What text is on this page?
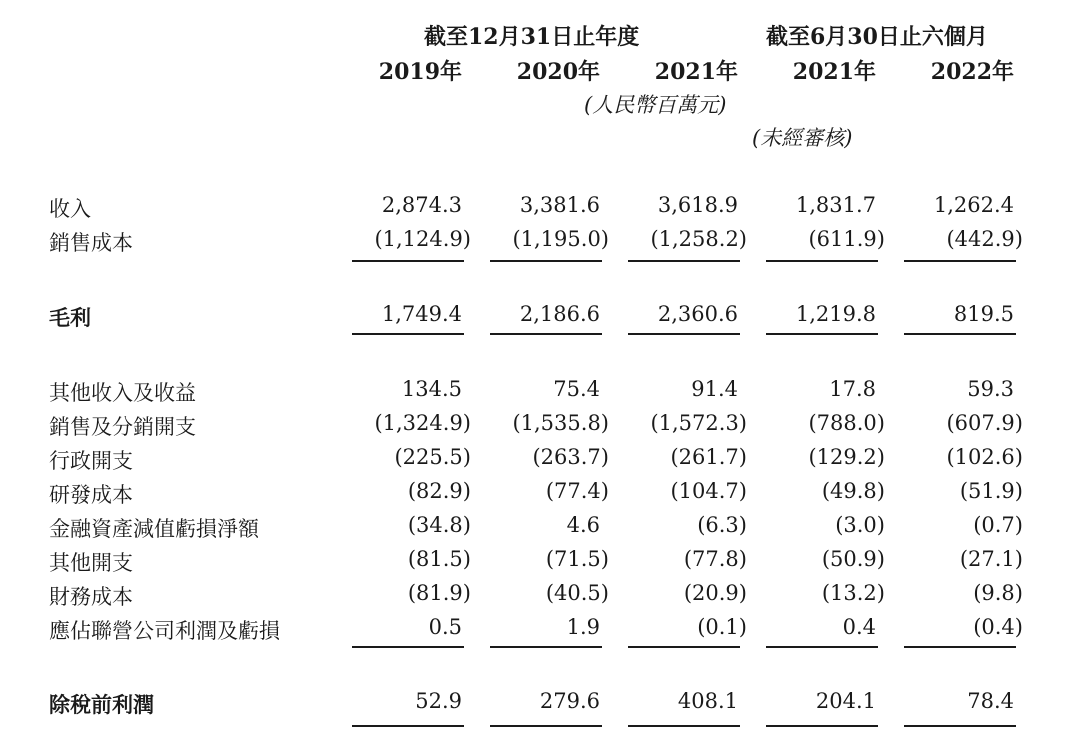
截至12月31日止年度	截至6月30日止六個月
2019年 2020年 2021年 2021年 2022年
(人民幣百萬元)
(未經審核)
收入	2,874.3	3,381.6	3,618.9	1,831.7	1,262.4
銷售成本	(1,124.9) (1,195.0) (1,258.2)	(611.9)	(442.9)
毛利	1,749.4	2,186.6	2,360.6	1,219.8	819.5
其他收入及收益	134.5	75.4	91.4	17.8	59.3
銷售及分銷開支	(1,324.9) (1,535.8) (1,572.3)	(788.0)	(607.9)
行政開支	(225.5)	(263.7)	(261.7)	(129.2)	(102.6)
研發成本	(82.9)	(77.4)	(104.7)	(49.8)	(51.9)
金融資產減值虧損淨額	(34.8)	4.6	(6.3)	(3.0)	(0.7)
其他開支	(81.5)	(71.5)	(77.8)	(50.9)	(27.1)
財務成本	(81.9)	(40.5)	(20.9)	(13.2)	(9.8)
應佔聯營公司利潤及虧損	0.5	1.9	(0.1)	0.4	(0.4)
除稅前利潤	52.9	279.6	408.1	204.1	78.4
